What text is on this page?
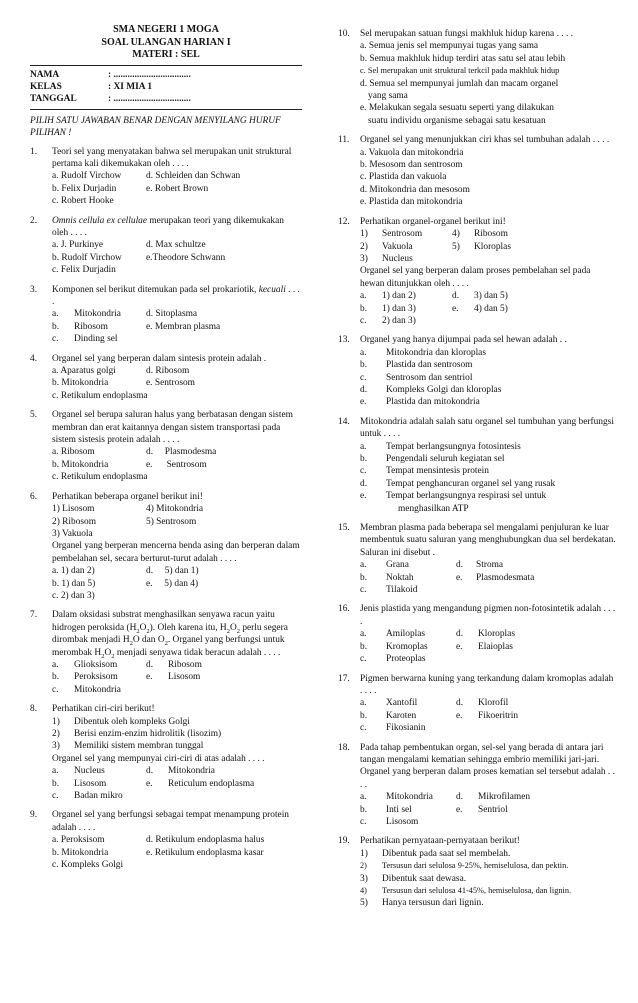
SMA NEGERI 1 MOGA
SOAL ULANGAN HARIAN I
MATERI : SEL
NAMA	: .................................
KELAS	: XI MIA 1
TANGGAL	: .................................
PILIH SATU JAWABAN BENAR DENGAN MENYILANG HURUF PILIHAN !
1.	Teori sel yang menyatakan bahwa sel merupakan unit struktural pertama kali dikemukakan oleh . . . .
a. Rudolf Virchow	d. Schleiden dan Schwan
b. Felix Durjadin	e. Robert Brown
c. Robert Hooke
2.	Omnis cellula ex cellulae merupakan teori yang dikemukakan oleh . . . .
a. J. Purkinye	d. Max schultze
b. Rudolf Virchow	e.Theodore Schwann
c. Felix Durjadin
3.	Komponen sel berikut ditemukan pada sel prokariotik, kecuali . . . .
a. Mitokondria	d. Sitoplasma
b. Ribosom	e. Membran plasma
c. Dinding sel
4.	Organel sel yang berperan dalam sintesis protein adalah .
a. Aparatus golgi	d. Ribosom
b. Mitokondria	e. Sentrosom
c. Retikulum endoplasma
5.	Organel sel berupa saluran halus yang berbatasan dengan sistem membran dan erat kaitannya dengan sistem transportasi pada sistem sistesis protein adalah . . . .
a. Ribosom	d.     Plasmodesma
b. Mitokondria	e.      Sentrosom
c. Retikulum endoplasma
6.	Perhatikan beberapa organel berikut ini!
1) Lisosom	4) Mitokondria
2) Ribosom	5) Sentrosom
3) Vakuola
Organel yang berperan mencerna benda asing dan berperan dalam pembelahan sel, secara berturut-turut adalah . . . .
a. 1) dan 2)	d.     5) dan 1)
b. 1) dan 5)	e.     5) dan 4)
c. 2) dan 3)
7.	Dalam oksidasi substrat menghasilkan senyawa racun yaitu hidrogen peroksida $(H_2O_2)$. Oleh karena itu, $H_2O_2$ perlu segera dirombak menjadi $H_2O$ dan $O_2$. Organel yang berfungsi untuk merombak $H_2O_2$ menjadi senyawa tidak beracun adalah . . . .
a. Glioksisom	d. Ribosom
b. Peroksisom	e. Lisosom
c. Mitokondria
8.	Perhatikan ciri-ciri berikut!
1)	Dibentuk oleh kompleks Golgi
2)	Berisi enzim-enzim hidrolitik (lisozim)
3)	Memiliki sistem membran tunggal
Organel sel yang mempunyai ciri-ciri di atas adalah . . . .
a. Nucleus	d. Mitokondria
b. Lisosom	e. Reticulum endoplasma
c. Badan mikro
9.	Organel sel yang berfungsi sebagai tempat menampung protein adalah . . . .
a. Peroksisom	d. Retikulum endoplasma halus
b. Mitokondria	e. Retikulum endoplasma kasar
c. Kompleks Golgi
10.	Sel merupakan satuan fungsi makhluk hidup karena . . . .
a. Semua jenis sel mempunyai tugas yang sama
b. Semua makhluk hidup terdiri atas satu sel atau lebih
c. Sel merupakan unit struktural terkcil pada makhluk hidup
d. Semua sel mempunyai jumlah dan macam organel
yang sama
e. Melakukan segala sesuatu seperti yang dilakukan
suatu individu organisme sebagai satu kesatuan
11.	Organel sel yang menunjukkan ciri khas sel tumbuhan adalah . . . .
a. Vakuola dan mitokondria
b. Mesosom dan sentrosom
c. Plastida dan vakuola
d. Mitokondria dan mesosom
e. Plastida dan mitokondria
12.	Perhatikan organel-organel berikut ini!
1)	Sentrosom	4)	Ribosom
2)	Vakuola	5)	Kloroplas
3)	Nucleus
Organel sel yang berperan dalam proses pembelahan sel pada hewan ditunjukkan oleh . . . .
a. 1) dan 2)	d. 3) dan 5)
b. 1) dan 3)	e. 4) dan 5)
c. 2) dan 3)
13.	Organel yang hanya dijumpai pada sel hewan adalah . .
a.	Mitokondria dan kloroplas
b.	Plastida dan sentrosom
c.	Sentrosom dan sentriol
d.	Kompleks Golgi dan kloroplas
e.	Plastida dan mitokondria
14.	Mitokondria adalah salah satu organel sel tumbuhan yang berfungsi untuk . . . .
a.	Tempat berlangsungnya fotosintesis
b.	Pengendali seluruh kegiatan sel
c.	Tempat mensintesis protein
d.	Tempat penghancuran organel sel yang rusak
e.	Tempat berlangsungnya respirasi sel untuk
menghasilkan ATP
15.	Membran plasma pada beberapa sel mengalami penjuluran ke luar membentuk suatu saluran yang menghubungkan dua sel berdekatan. Saluran ini disebut .
a. Grana	d. Stroma
b. Noktah	e. Plasmodesmata
c. Tilakoid
16.	Jenis plastida yang mengandung pigmen non-fotosintetik adalah . . . .
a. Amiloplas	d. Kloroplas
b. Kromoplas	e. Elaioplas
c. Proteoplas
17.	Pigmen berwarna kuning yang terkandung dalam kromoplas adalah . . . .
a. Xantofil	d. Klorofil
b. Karoten	e. Fikoeritrin
c. Fikosianin
18.	Pada tahap pembentukan organ, sel-sel yang berada di antara jari tangan mengalami kematian sehingga embrio memiliki jari-jari. Organel yang berperan dalam proses kematian sel tersebut adalah . . . .
a. Mitokondria	d. Mikrofilamen
b. Inti sel	e. Sentriol
c. Lisosom
19.	Perhatikan pernyataan-pernyataan berikut!
1)	Dibentuk pada saat sel membelah.
2)	Tersusun dari selulosa 9-25%, hemiselulosa, dan pektin.
3)	Dibentuk saat dewasa.
4)	Tersusun dari selulosa 41-45%, hemiselulosa, dan lignin.
5)	Hanya tersusun dari lignin.
